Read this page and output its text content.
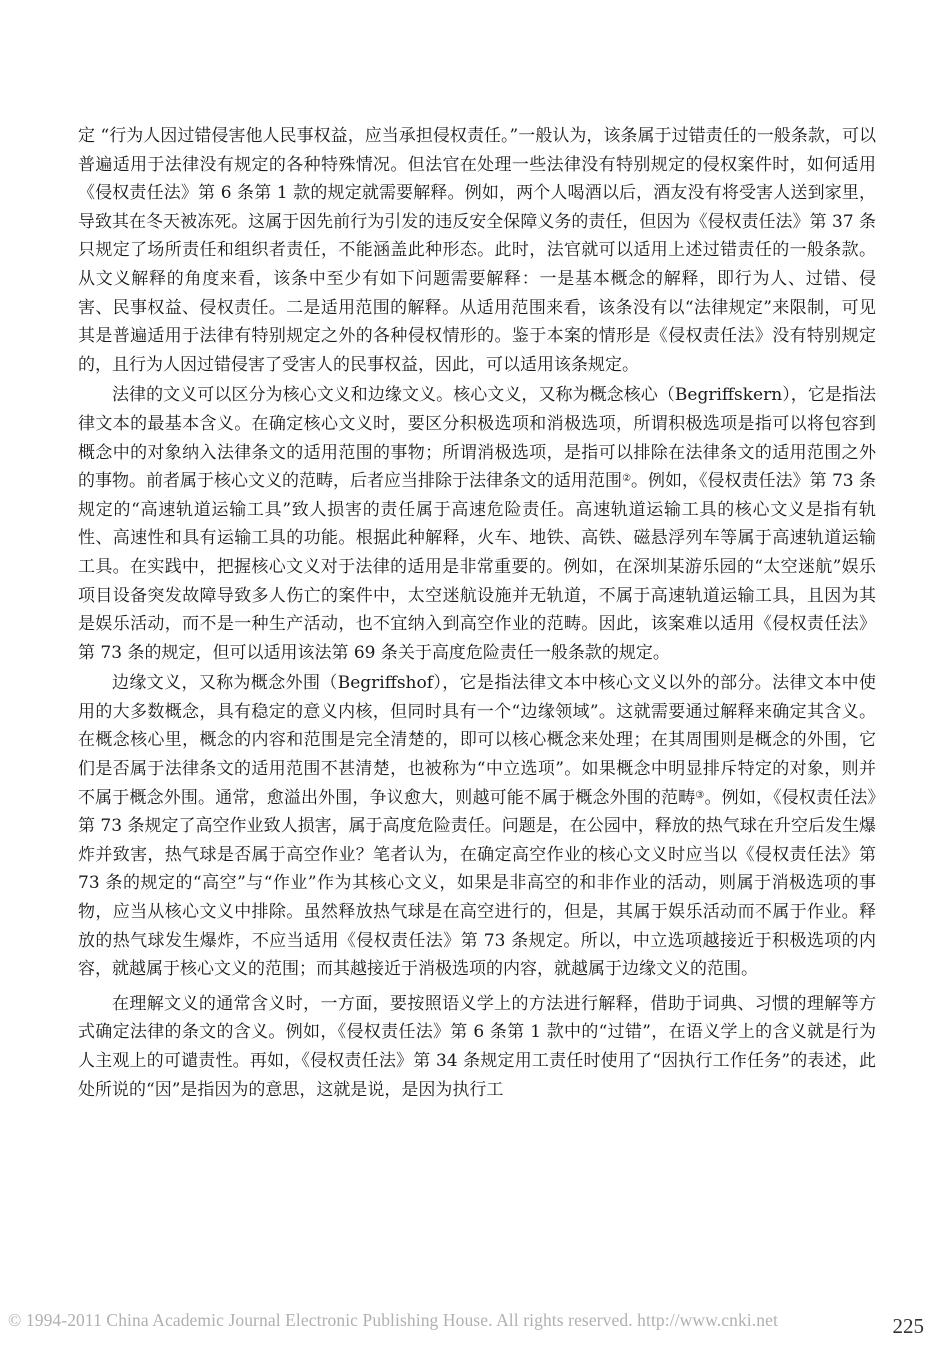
定 “行为人因过错侵害他人民事权益，应当承担侵权责任。”一般认为，该条属于过错责任的一般条款，可以普遍适用于法律没有规定的各种特殊情况。但法官在处理一些法律没有特别规定的侵权案件时，如何适用《侵权责任法》第 6 条第 1 款的规定就需要解释。例如，两个人喝酒以后，酒友没有将受害人送到家里，导致其在冬天被冻死。这属于因先前行为引发的违反安全保障义务的责任，但因为《侵权责任法》第 37 条只规定了场所责任和组织者责任，不能涵盖此种形态。此时，法官就可以适用上述过错责任的一般条款。从文义解释的角度来看，该条中至少有如下问题需要解释：一是基本概念的解释，即行为人、过错、侵害、民事权益、侵权责任。二是适用范围的解释。从适用范围来看，该条没有以“法律规定”来限制，可见其是普遍适用于法律有特别规定之外的各种侵权情形的。鉴于本案的情形是《侵权责任法》没有特别规定的，且行为人因过错侵害了受害人的民事权益，因此，可以适用该条规定。

法律的文义可以区分为核心文义和边缘文义。核心文义，又称为概念核心（Begriffskern），它是指法律文本的最基本含义。在确定核心文义时，要区分积极选项和消极选项，所谓积极选项是指可以将包容到概念中的对象纳入法律条文的适用范围的事物；所谓消极选项，是指可以排除在法律条文的适用范围之外的事物。前者属于核心文义的范畴，后者应当排除于法律条文的适用范围②。例如，《侵权责任法》第 73 条规定的“高速轨道运输工具”致人损害的责任属于高速危险责任。高速轨道运输工具的核心文义是指有轨性、高速性和具有运输工具的功能。根据此种解释，火车、地铁、高铁、磁悬浮列车等属于高速轨道运输工具。在实践中，把握核心文义对于法律的适用是非常重要的。例如，在深圳某游乐园的“太空迷航”娱乐项目设备突发故障导致多人伤亡的案件中，太空迷航设施并无轨道，不属于高速轨道运输工具，且因为其是娱乐活动，而不是一种生产活动，也不宜纳入到高空作业的范畴。因此，该案难以适用《侵权责任法》第 73 条的规定，但可以适用该法第 69 条关于高度危险责任一般条款的规定。

边缘文义，又称为概念外围（Begriffshof），它是指法律文本中核心文义以外的部分。法律文本中使用的大多数概念，具有稳定的意义内核，但同时具有一个“边缘领域”。这就需要通过解释来确定其含义。在概念核心里，概念的内容和范围是完全清楚的，即可以核心概念来处理；在其周围则是概念的外围，它们是否属于法律条文的适用范围不甚清楚，也被称为“中立选项”。如果概念中明显排斥特定的对象，则并不属于概念外围。通常，愈溢出外围，争议愈大，则越可能不属于概念外围的范畴③。例如，《侵权责任法》第 73 条规定了高空作业致人损害，属于高度危险责任。问题是，在公园中，释放的热气球在升空后发生爆炸并致害，热气球是否属于高空作业？笔者认为，在确定高空作业的核心文义时应当以《侵权责任法》第 73 条的规定的“高空”与“作业”作为其核心文义，如果是非高空的和非作业的活动，则属于消极选项的事物，应当从核心文义中排除。虽然释放热气球是在高空进行的，但是，其属于娱乐活动而不属于作业。释放的热气球发生爆炸，不应当适用《侵权责任法》第 73 条规定。所以，中立选项越接近于积极选项的内容，就越属于核心文义的范围；而其越接近于消极选项的内容，就越属于边缘文义的范围。

在理解文义的通常含义时，一方面，要按照语义学上的方法进行解释，借助于词典、习惯的理解等方式确定法律的条文的含义。例如，《侵权责任法》第 6 条第 1 款中的“过错”，在语义学上的含义就是行为人主观上的可谴责性。再如，《侵权责任法》第 34 条规定用工责任时使用了“因执行工作任务”的表述，此处所说的“因”是指因为的意思，这就是说，是因为执行工

© 1994-2011 China Academic Journal Electronic Publishing House. All rights reserved. http://www.cnki.net	225
